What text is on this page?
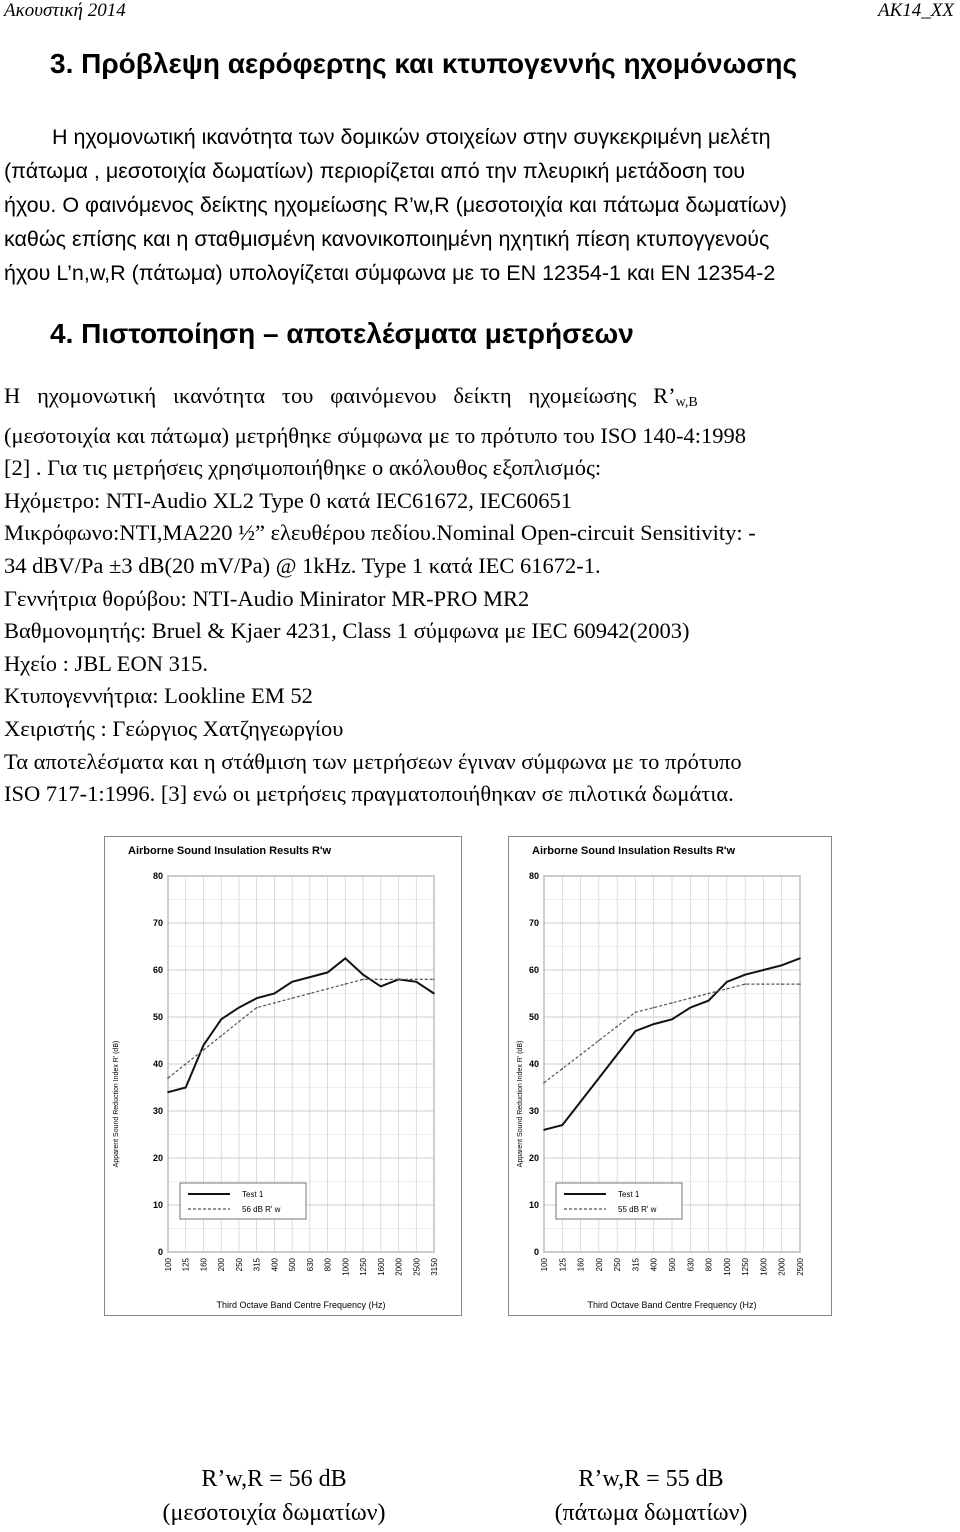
Ακουστική 2014	AK14_XX
3. Πρόβλεψη αερόφερτης και κτυπογεννής ηχομόνωσης
Η ηχομονωτική ικανότητα των δομικών στοιχείων στην συγκεκριμένη μελέτη
(πάτωμα , μεσοτοιχία δωματίων) περιορίζεται από την πλευρική μετάδοση του
ήχου. Ο φαινόμενος δείκτης ηχομείωσης R’w,R (μεσοτοιχία και πάτωμα δωματίων)
καθώς επίσης και η σταθμισμένη κανονικοποιημένη ηχητική πίεση κτυπογγενούς
ήχου L’n,w,R (πάτωμα) υπολογίζεται σύμφωνα με το EN 12354-1 και EN 12354-2
4. Πιστοποίηση – αποτελέσματα μετρήσεων
Η   ηχομονωτική   ικανότητα   του   φαινόμενου   δείκτη   ηχομείωσης   $R’_{w,B}$
(μεσοτοιχία και πάτωμα) μετρήθηκε σύμφωνα με το πρότυπο του ISO 140-4:1998
[2] . Για τις μετρήσεις χρησιμοποιήθηκε ο ακόλουθος εξοπλισμός:
Ηχόμετρο: NTI-Audio XL2 Type 0 κατά IEC61672, IEC60651
Μικρόφωνο:NTI,MA220 ½” ελευθέρου πεδίου.Nominal Open-circuit Sensitivity: -
34 dBV/Pa ±3 dB(20 mV/Pa) @ 1kHz. Type 1 κατά IEC 61672-1.
Γεννήτρια θορύβου: NTI-Audio Minirator MR-PRO MR2
Βαθμονομητής: Bruel & Kjaer 4231, Class 1 σύμφωνα με IEC 60942(2003)
Ηχείο : JBL EON 315.
Κτυπογεννήτρια: Lookline EM 52
Χειριστής : Γεώργιος Χατζηγεωργίου
Τα αποτελέσματα και η στάθμιση των μετρήσεων έγιναν σύμφωνα με το πρότυπο
ISO 717-1:1996. [3] ενώ οι μετρήσεις πραγματοποιήθηκαν σε πιλοτικά δωμάτια.
Airborne Sound Insulation Results R'w
0
10
20
30
40
50
60
70
80
100 125 160 200 250 315 400 500 630 800 1000 1250 1600 2000 2500 3150
Third Octave Band Centre Frequency (Hz)
Apparent Sound Reduction Index R' (dB)
Test 1
56 dB R' w
Airborne Sound Insulation Results R'w
0
10
20
30
40
50
60
70
80
100 125 160 200 250 315 400 500 630 800 1000 1250 1600 2000 2500
Third Octave Band Centre Frequency (Hz)
Apparent Sound Reduction Index R' (dB)
Test 1
55 dB R' w
R’w,R = 56 dB
(μεσοτοιχία δωματίων)
R’w,R = 55 dB
(πάτωμα δωματίων)
